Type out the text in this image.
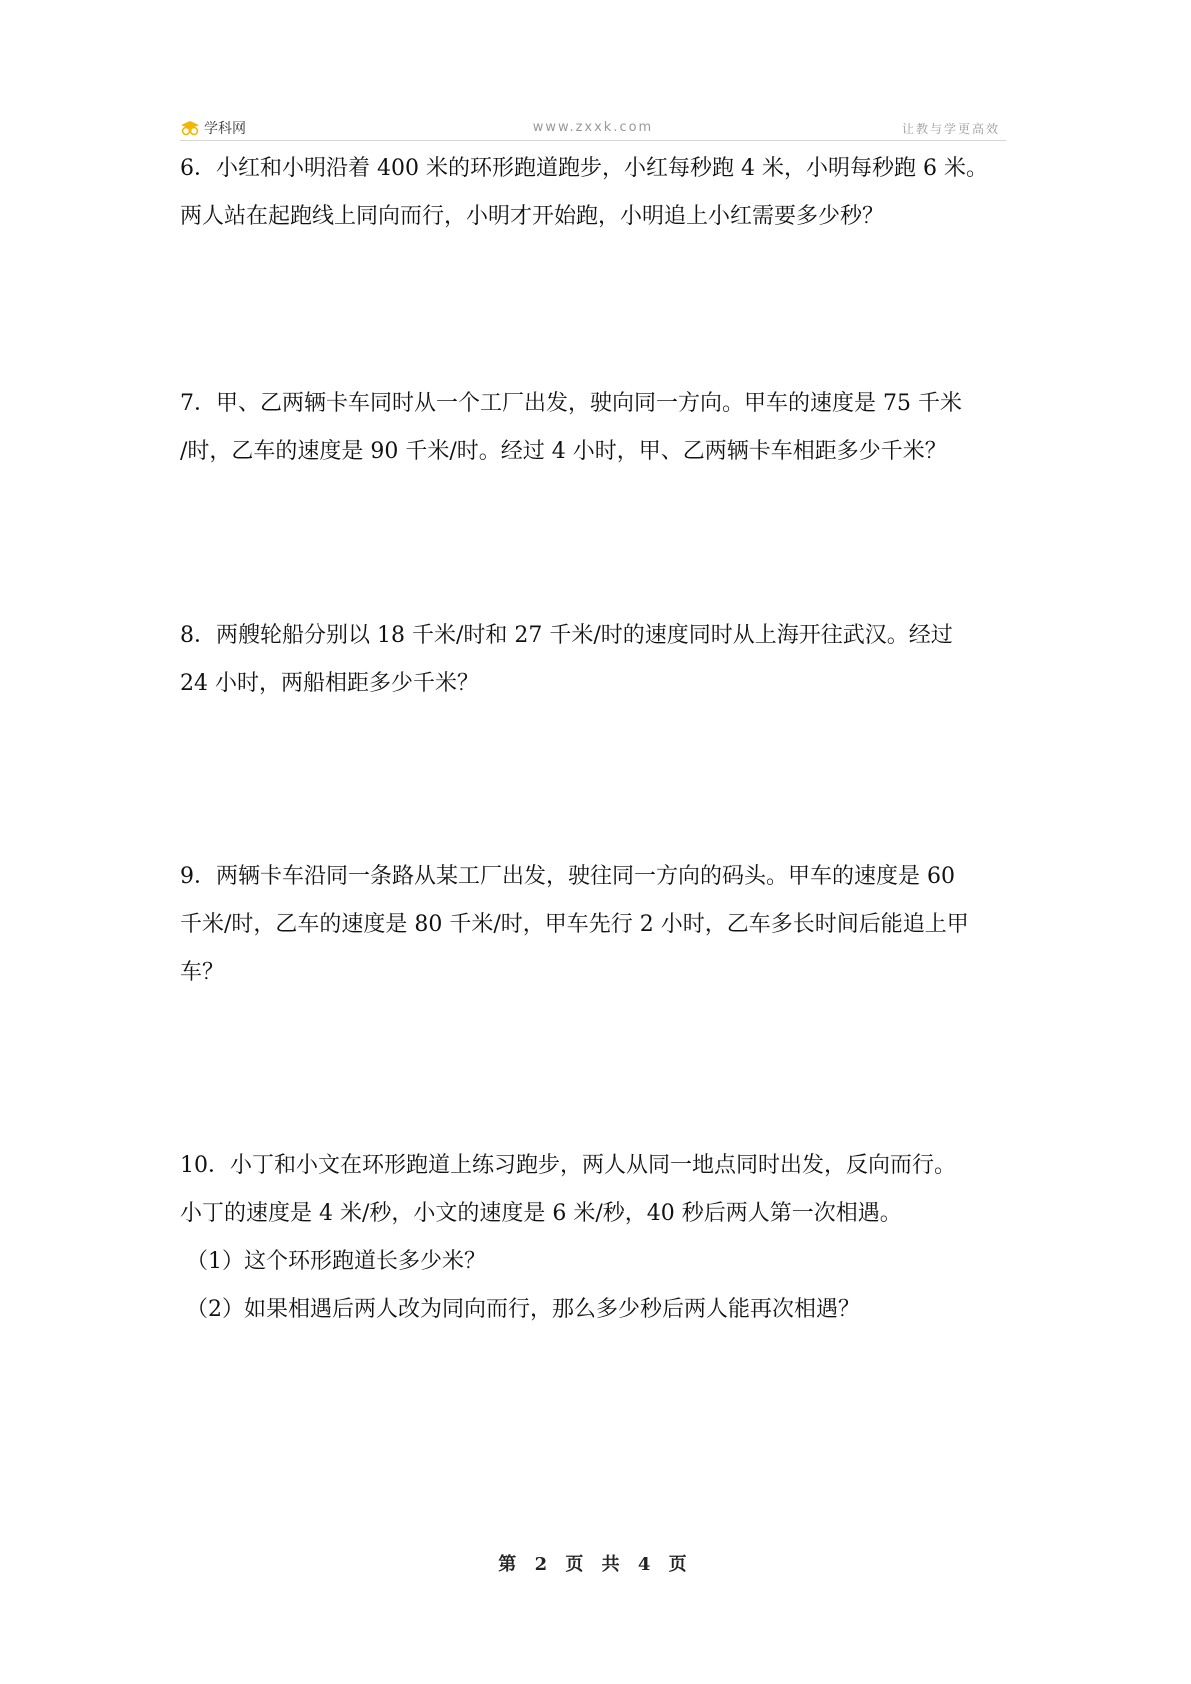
学科网	www.zxxk.com	让教与学更高效

6．小红和小明沿着 400 米的环形跑道跑步，小红每秒跑 4 米，小明每秒跑 6 米。

两人站在起跑线上同向而行，小明才开始跑，小明追上小红需要多少秒？

7．甲、乙两辆卡车同时从一个工厂出发，驶向同一方向。甲车的速度是 75 千米

/时，乙车的速度是 90 千米/时。经过 4 小时，甲、乙两辆卡车相距多少千米？

8．两艘轮船分别以 18 千米/时和 27 千米/时的速度同时从上海开往武汉。经过

24 小时，两船相距多少千米？

9．两辆卡车沿同一条路从某工厂出发，驶往同一方向的码头。甲车的速度是 60

千米/时，乙车的速度是 80 千米/时，甲车先行 2 小时，乙车多长时间后能追上甲

车？

10．小丁和小文在环形跑道上练习跑步，两人从同一地点同时出发，反向而行。

小丁的速度是 4 米/秒，小文的速度是 6 米/秒，40 秒后两人第一次相遇。

（1）这个环形跑道长多少米？

（2）如果相遇后两人改为同向而行，那么多少秒后两人能再次相遇？

第 2 页 共 4 页
